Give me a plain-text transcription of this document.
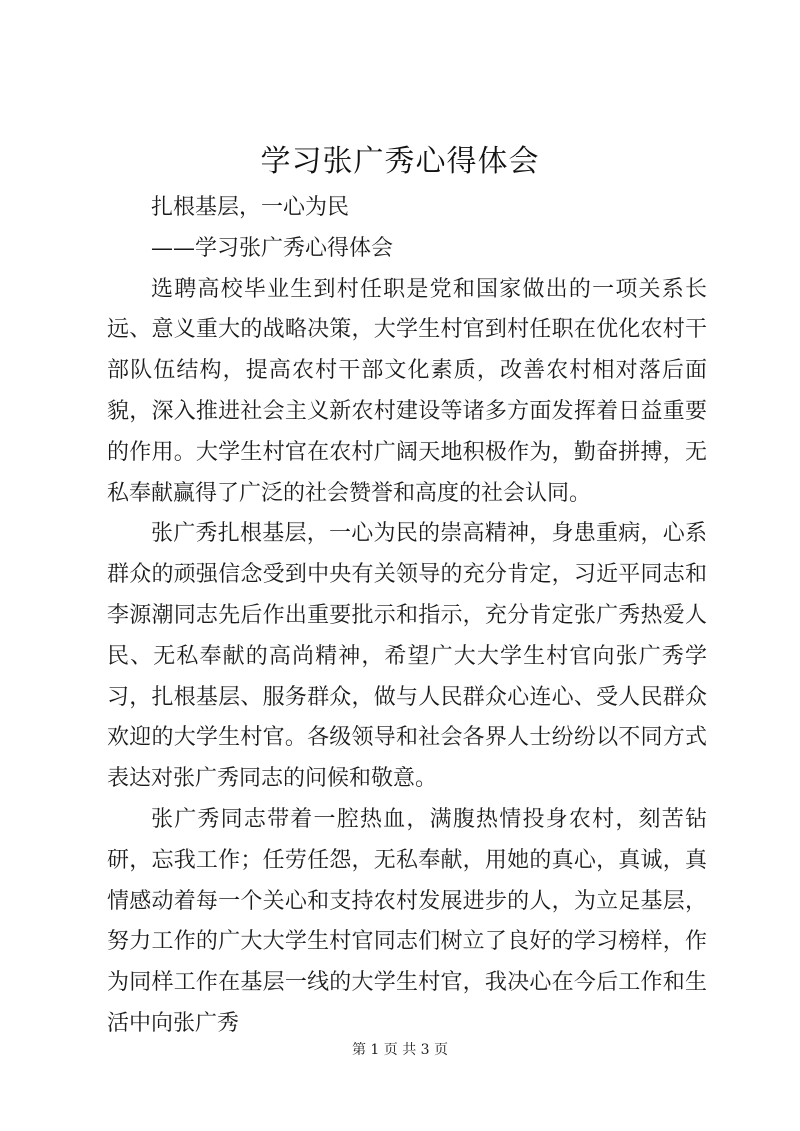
学习张广秀心得体会

扎根基层，一心为民

——学习张广秀心得体会

选聘高校毕业生到村任职是党和国家做出的一项关系长远、意义重大的战略决策，大学生村官到村任职在优化农村干部队伍结构，提高农村干部文化素质，改善农村相对落后面貌，深入推进社会主义新农村建设等诸多方面发挥着日益重要的作用。大学生村官在农村广阔天地积极作为，勤奋拼搏，无私奉献赢得了广泛的社会赞誉和高度的社会认同。

张广秀扎根基层，一心为民的崇高精神，身患重病，心系群众的顽强信念受到中央有关领导的充分肯定，习近平同志和李源潮同志先后作出重要批示和指示，充分肯定张广秀热爱人民、无私奉献的高尚精神，希望广大大学生村官向张广秀学习，扎根基层、服务群众，做与人民群众心连心、受人民群众欢迎的大学生村官。各级领导和社会各界人士纷纷以不同方式表达对张广秀同志的问候和敬意。

张广秀同志带着一腔热血，满腹热情投身农村，刻苦钻研，忘我工作；任劳任怨，无私奉献，用她的真心，真诚，真情感动着每一个关心和支持农村发展进步的人，为立足基层，努力工作的广大大学生村官同志们树立了良好的学习榜样，作为同样工作在基层一线的大学生村官，我决心在今后工作和生活中向张广秀

第 1 页 共 3 页
